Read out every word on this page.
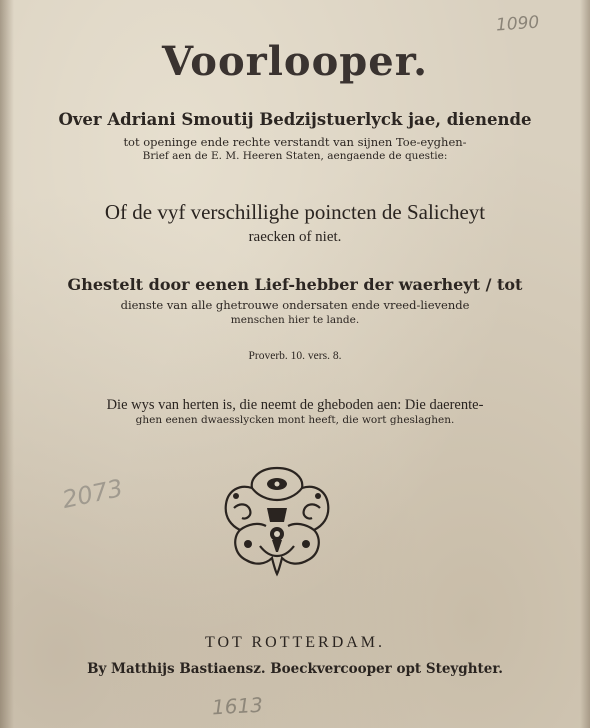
1090
Voorlooper.
Over Adriani Smoutij Bedzijstuerlyck jae, dienende
tot openinge ende rechte verstandt van sijnen Toe-eyghen-
Brief aen de E. M. Heeren Staten, aengaende de questie:
Of de vyf verschillighe poincten de Salicheyt
raecken of niet.
Ghestelt door eenen Lief-hebber der waerheyt / tot
dienste van alle ghetrouwe ondersaten ende vreed-lievende
menschen hier te lande.
Proverb. 10. vers. 8.
Die wys van herten is, die neemt de gheboden aen: Die daerente-
ghen eenen dwaesslycken mont heeft, die wort gheslaghen.
2073
TOT ROTTERDAM.
By Matthijs Bastiaensz. Boeckvercooper opt Steyghter.
1613
